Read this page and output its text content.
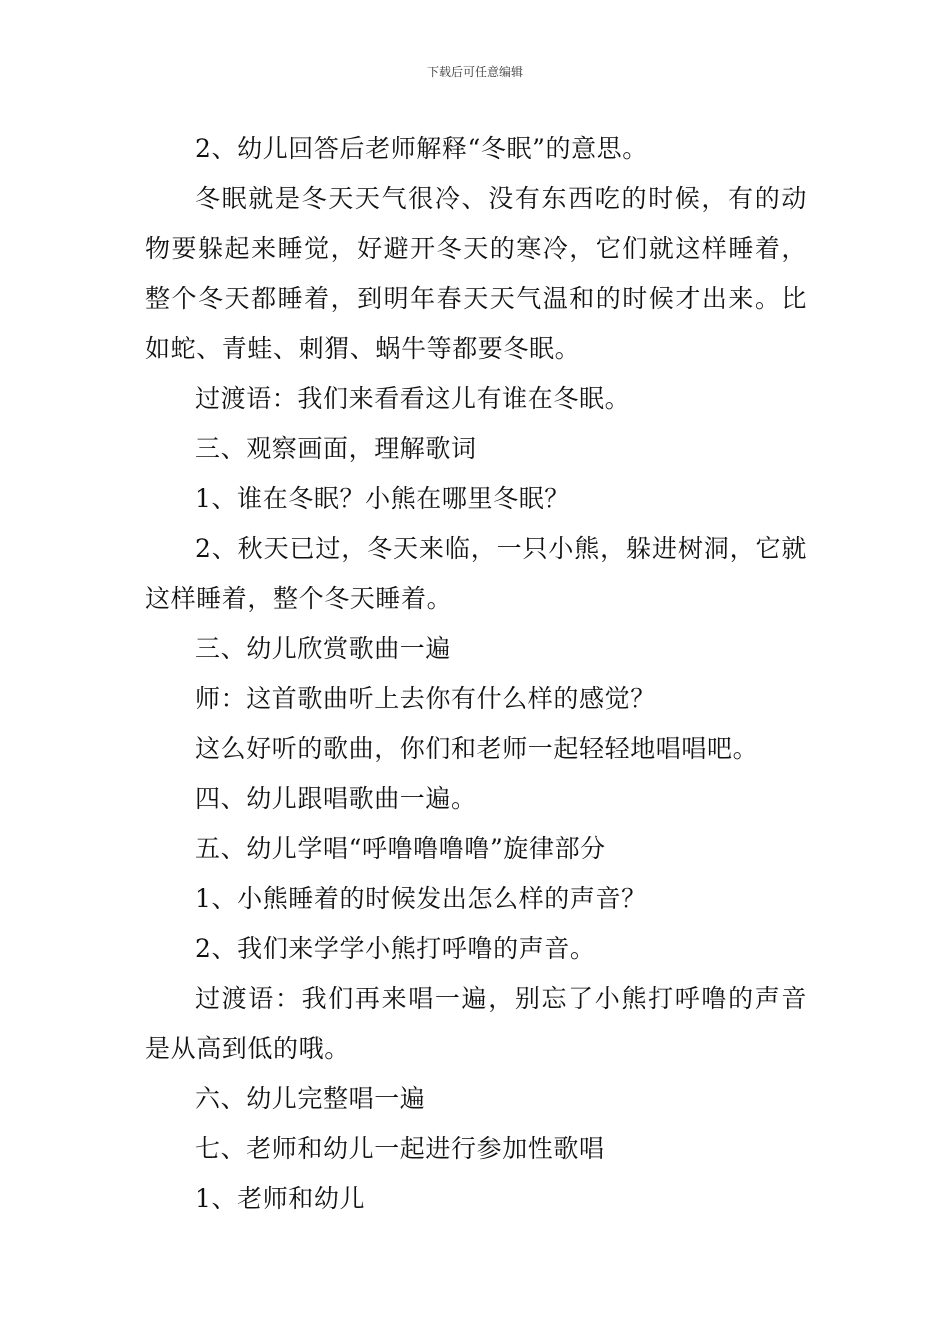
下载后可任意编辑

2、幼儿回答后老师解释“冬眠”的意思。

冬眠就是冬天天气很冷、没有东西吃的时候，有的动物要躲起来睡觉，好避开冬天的寒冷，它们就这样睡着，整个冬天都睡着，到明年春天天气温和的时候才出来。比如蛇、青蛙、刺猬、蜗牛等都要冬眠。

过渡语：我们来看看这儿有谁在冬眠。

三、观察画面，理解歌词

1、谁在冬眠？小熊在哪里冬眠？

2、秋天已过，冬天来临，一只小熊，躲进树洞，它就这样睡着，整个冬天睡着。

三、幼儿欣赏歌曲一遍

师：这首歌曲听上去你有什么样的感觉？

这么好听的歌曲，你们和老师一起轻轻地唱唱吧。

四、幼儿跟唱歌曲一遍。

五、幼儿学唱“呼噜噜噜噜”旋律部分

1、小熊睡着的时候发出怎么样的声音？

2、我们来学学小熊打呼噜的声音。

过渡语：我们再来唱一遍，别忘了小熊打呼噜的声音是从高到低的哦。

六、幼儿完整唱一遍

七、老师和幼儿一起进行参加性歌唱

1、老师和幼儿
